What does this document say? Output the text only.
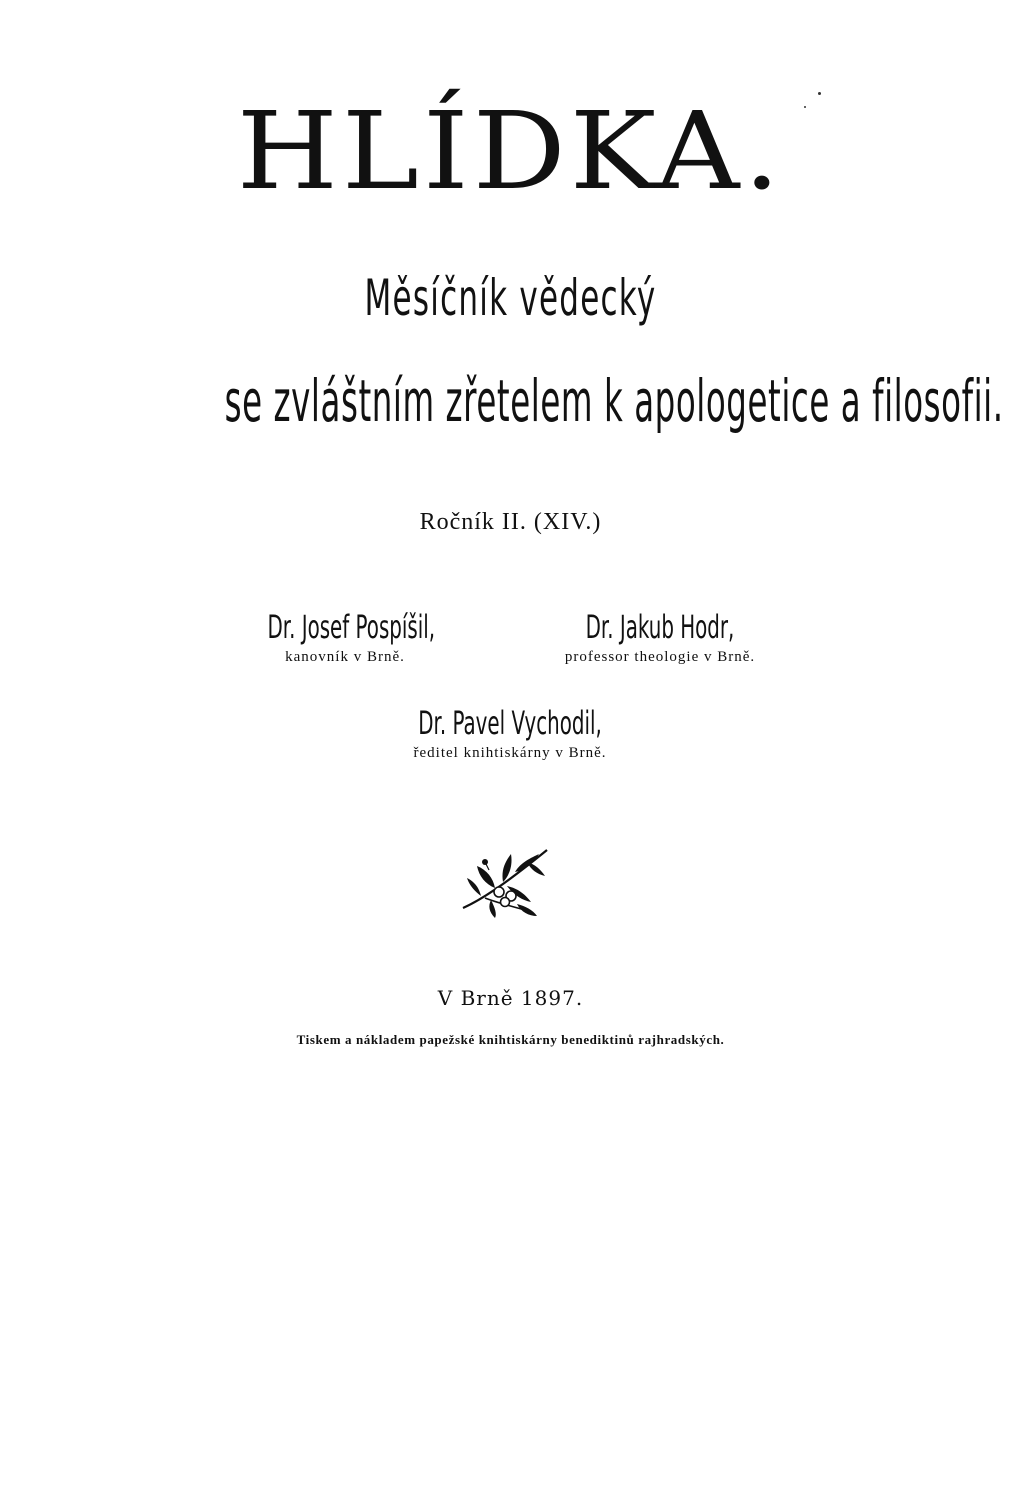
HLÍDKA.
Měsíčník vědecký
se zvláštním zřetelem k apologetice a filosofii.
Ročník II. (XIV.)
Dr. Josef Pospíšil,
kanovník v Brně.
Dr. Jakub Hodr,
professor theologie v Brně.
Dr. Pavel Vychodil,
ředitel knihtiskárny v Brně.
V Brně 1897.
Tiskem a nákladem papežské knihtiskárny benediktinů rajhradských.
